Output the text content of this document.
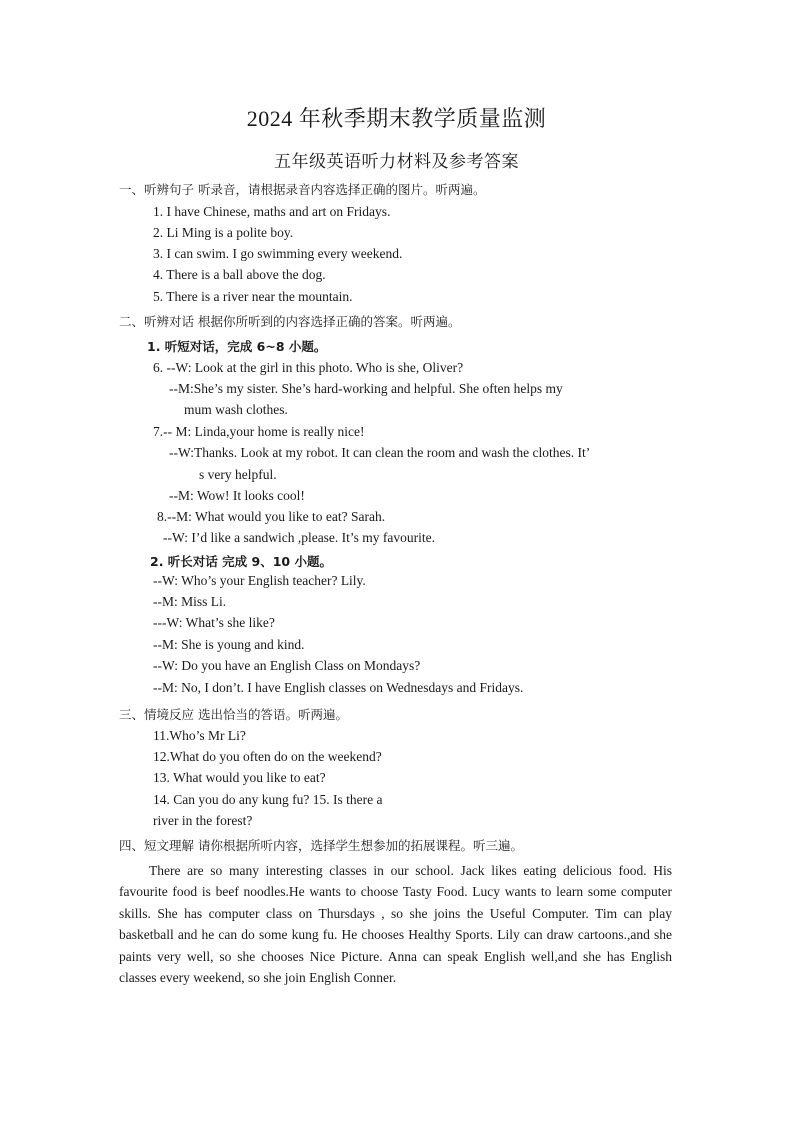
2024 年秋季期末教学质量监测
五年级英语听力材料及参考答案
一、听辨句子 听录音，请根据录音内容选择正确的图片。听两遍。
1. I have Chinese, maths and art on Fridays.
2. Li Ming is a polite boy.
3. I can swim. I go swimming every weekend.
4. There is a ball above the dog.
5. There is a river near the mountain.
二、听辨对话 根据你所听到的内容选择正确的答案。听两遍。
1. 听短对话，完成 6~8 小题。
6. --W: Look at the girl in this photo. Who is she, Oliver?
--M:She’s my sister. She’s hard-working and helpful. She often helps my
mum wash clothes.
7.-- M: Linda,your home is really nice!
--W:Thanks. Look at my robot. It can clean the room and wash the clothes. It’
s very helpful.
--M: Wow! It looks cool!
8.--M: What would you like to eat? Sarah.
--W: I’d like a sandwich ,please. It’s my favourite.
2. 听长对话 完成 9、10 小题。
--W: Who’s your English teacher? Lily.
--M: Miss Li.
---W: What’s she like?
--M: She is young and kind.
--W: Do you have an English Class on Mondays?
--M: No, I don’t. I have English classes on Wednesdays and Fridays.
三、情境反应 选出恰当的答语。听两遍。
11.Who’s Mr Li?
12.What do you often do on the weekend?
13. What would you like to eat?
14. Can you do any kung fu? 15. Is there a
river in the forest?
四、短文理解 请你根据所听内容，选择学生想参加的拓展课程。听三遍。
There are so many interesting classes in our school. Jack likes eating delicious food. His favourite food is beef noodles.He wants to choose Tasty Food. Lucy wants to learn some computer skills. She has computer class on Thursdays , so she joins the Useful Computer. Tim can play basketball and he can do some kung fu. He chooses Healthy Sports. Lily can draw cartoons.,and she paints very well, so she chooses Nice Picture. Anna can speak English well,and she has English classes every weekend, so she join English Conner.
